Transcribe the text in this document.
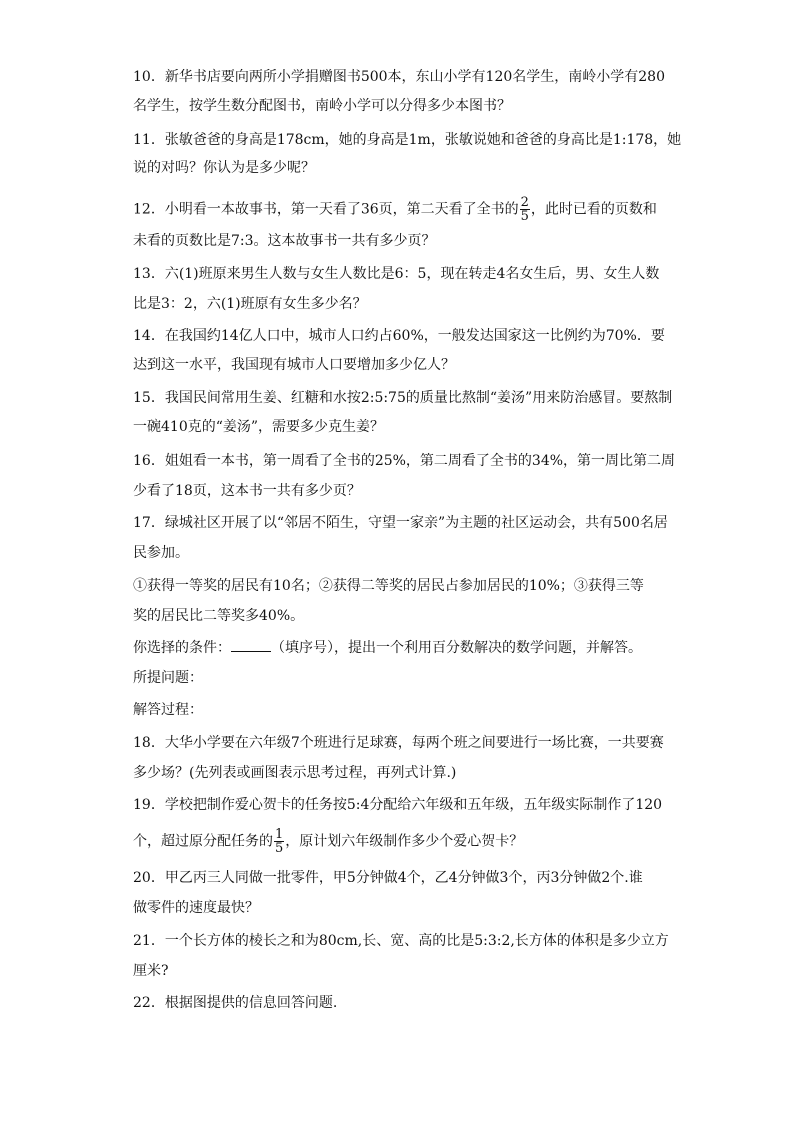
10．新华书店要向两所小学捐赠图书500本，东山小学有120名学生，南岭小学有280
名学生，按学生数分配图书，南岭小学可以分得多少本图书？
11．张敏爸爸的身高是178cm，她的身高是1m，张敏说她和爸爸的身高比是1:178，她
说的对吗？你认为是多少呢？
12．小明看一本故事书，第一天看了36页，第二天看了全书的 $\frac{2}{5}$ ，此时已看的页数和
未看的页数比是7:3。这本故事书一共有多少页？
13．六(1)班原来男生人数与女生人数比是6：5，现在转走4名女生后，男、女生人数
比是3：2，六(1)班原有女生多少名？
14．在我国约14亿人口中，城市人口约占60%，一般发达国家这一比例约为70%．要
达到这一水平，我国现有城市人口要增加多少亿人？
15．我国民间常用生姜、红糖和水按2:5:75的质量比熬制“姜汤”用来防治感冒。要熬制
一碗410克的“姜汤”，需要多少克生姜？
16．姐姐看一本书，第一周看了全书的25%，第二周看了全书的34%，第一周比第二周
少看了18页，这本书一共有多少页？
17．绿城社区开展了以“邻居不陌生，守望一家亲”为主题的社区运动会，共有500名居
民参加。
①获得一等奖的居民有10名；②获得二等奖的居民占参加居民的10%；③获得三等
奖的居民比二等奖多40%。
你选择的条件：	（填序号），提出一个利用百分数解决的数学问题，并解答。
所提问题：
解答过程：
18．大华小学要在六年级7个班进行足球赛，每两个班之间要进行一场比赛，一共要赛
多少场？(先列表或画图表示思考过程，再列式计算.)
19．学校把制作爱心贺卡的任务按5:4分配给六年级和五年级，五年级实际制作了120
个，超过原分配任务的 $\frac{1}{5}$ ，原计划六年级制作多少个爱心贺卡？
20．甲乙丙三人同做一批零件，甲5分钟做4个，乙4分钟做3个，丙3分钟做2个.谁
做零件的速度最快？
21．一个长方体的棱长之和为80cm,长、宽、高的比是5:3:2,长方体的体积是多少立方
厘米?
22．根据图提供的信息回答问题.
